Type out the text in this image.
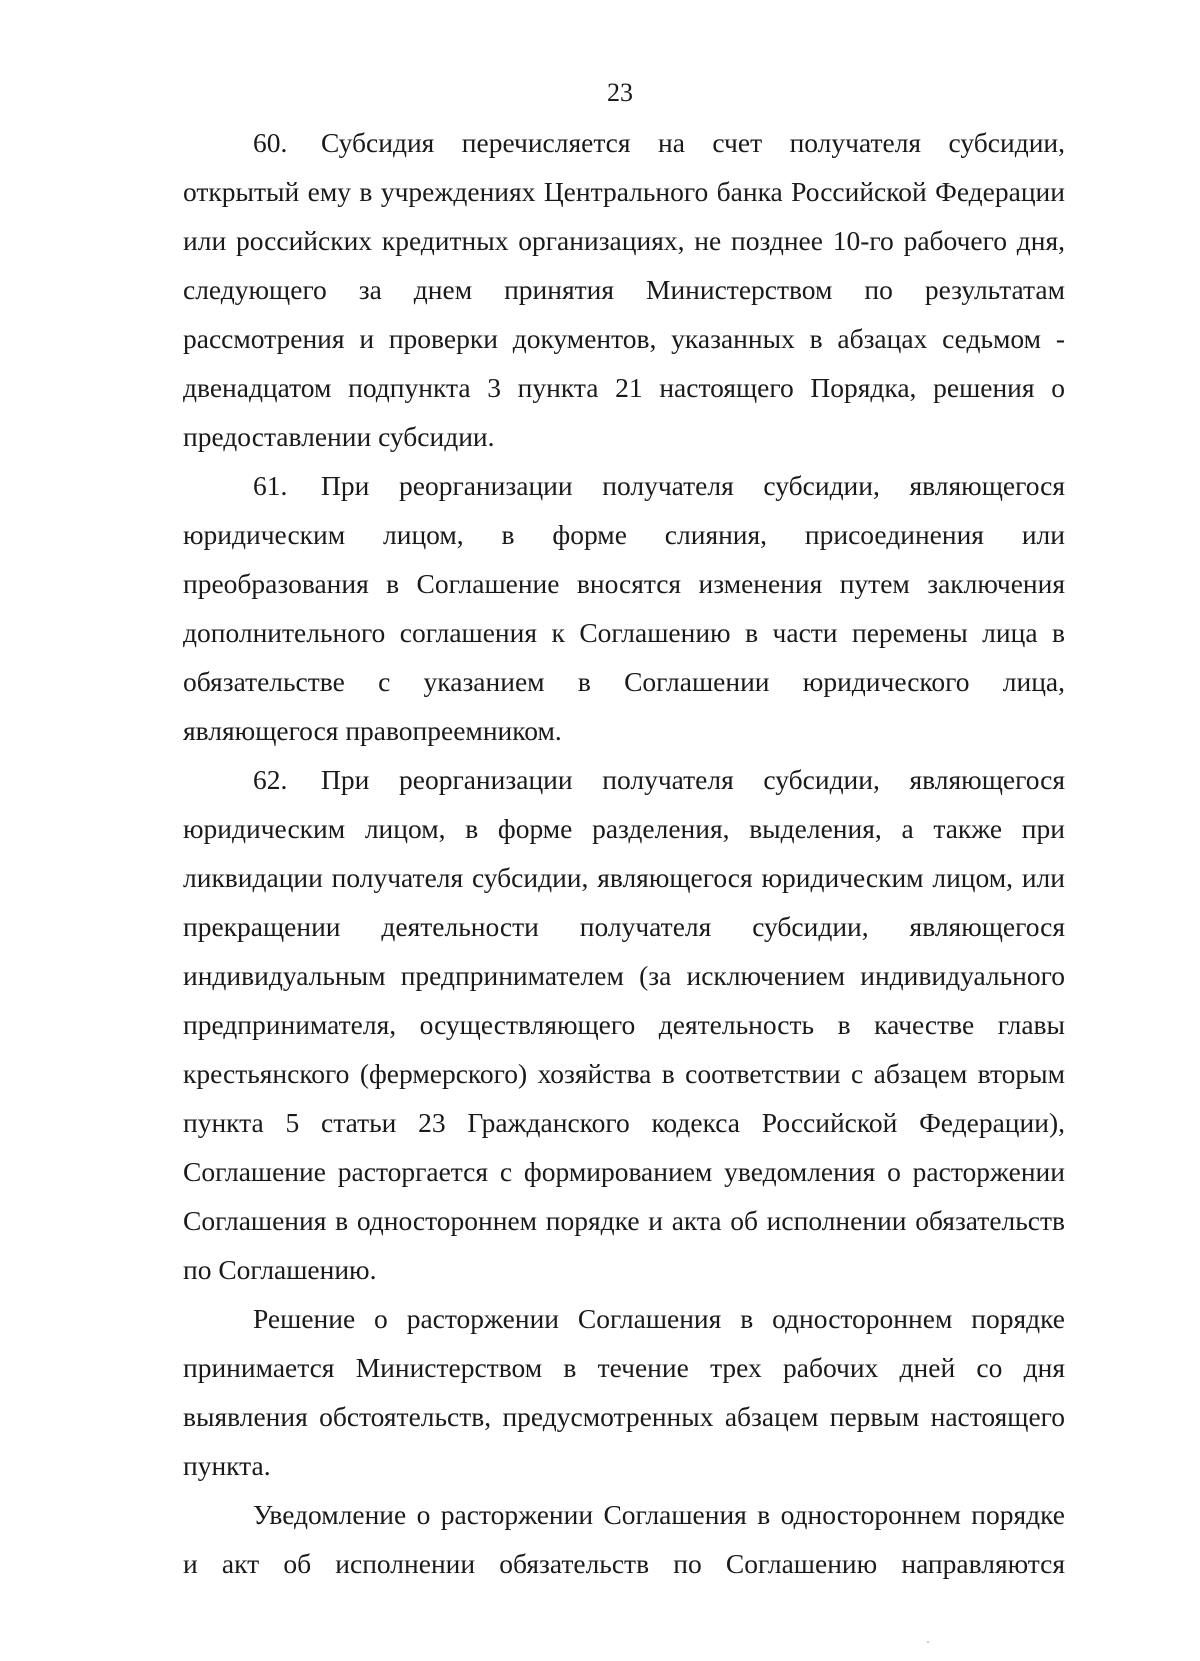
23

60. Субсидия перечисляется на счет получателя субсидии, открытый ему в учреждениях Центрального банка Российской Федерации или российских кредитных организациях, не позднее 10-го рабочего дня, следующего за днем принятия Министерством по результатам рассмотрения и проверки документов, указанных в абзацах седьмом - двенадцатом подпункта 3 пункта 21 настоящего Порядка, решения о предоставлении субсидии.

61. При реорганизации получателя субсидии, являющегося юридическим лицом, в форме слияния, присоединения или преобразования в Соглашение вносятся изменения путем заключения дополнительного соглашения к Соглашению в части перемены лица в обязательстве с указанием в Соглашении юридического лица, являющегося правопреемником.

62. При реорганизации получателя субсидии, являющегося юридическим лицом, в форме разделения, выделения, а также при ликвидации получателя субсидии, являющегося юридическим лицом, или прекращении деятельности получателя субсидии, являющегося индивидуальным предпринимателем (за исключением индивидуального предпринимателя, осуществляющего деятельность в качестве главы крестьянского (фермерского) хозяйства в соответствии с абзацем вторым пункта 5 статьи 23 Гражданского кодекса Российской Федерации), Соглашение расторгается с формированием уведомления о расторжении Соглашения в одностороннем порядке и акта об исполнении обязательств по Соглашению.

Решение о расторжении Соглашения в одностороннем порядке принимается Министерством в течение трех рабочих дней со дня выявления обстоятельств, предусмотренных абзацем первым настоящего пункта.

Уведомление о расторжении Соглашения в одностороннем порядке и акт об исполнении обязательств по Соглашению направляются
